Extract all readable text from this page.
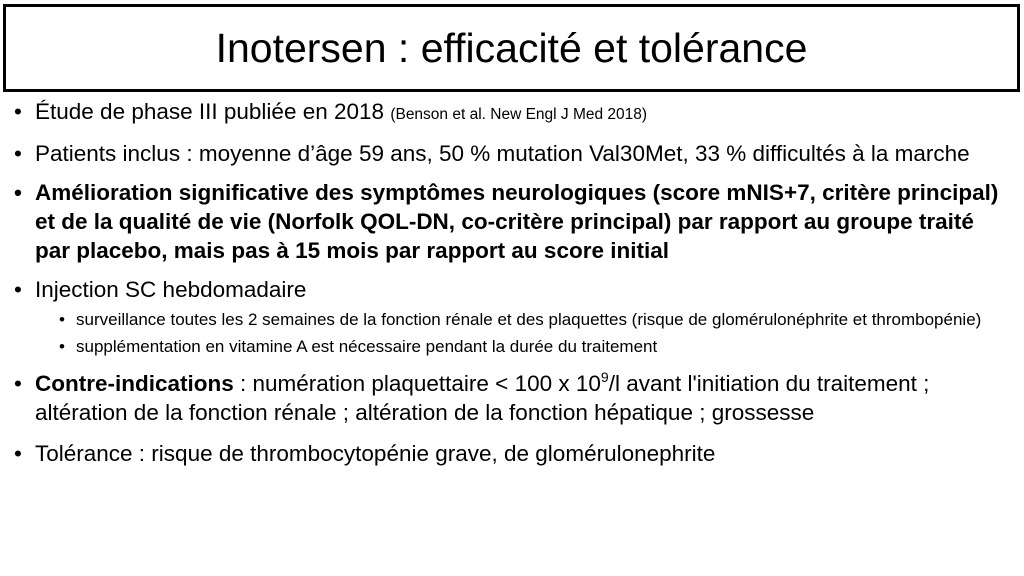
Inotersen : efficacité et tolérance
• Étude de phase III publiée en 2018 (Benson et al. New Engl J Med 2018)
• Patients inclus : moyenne d’âge 59 ans, 50 % mutation Val30Met, 33 % difficultés à la marche
• Amélioration significative des symptômes neurologiques (score mNIS+7, critère principal) et de la qualité de vie (Norfolk QOL-DN, co-critère principal) par rapport au groupe traité par placebo, mais pas à 15 mois par rapport au score initial
• Injection SC hebdomadaire
• surveillance toutes les 2 semaines de la fonction rénale et des plaquettes (risque de glomérulonéphrite et thrombopénie)
• supplémentation en vitamine A est nécessaire pendant la durée du traitement
• Contre-indications : numération plaquettaire < 100 x $10^9/l$ avant l'initiation du traitement ; altération de la fonction rénale ; altération de la fonction hépatique ; grossesse
• Tolérance : risque de thrombocytopénie grave, de glomérulonephrite
